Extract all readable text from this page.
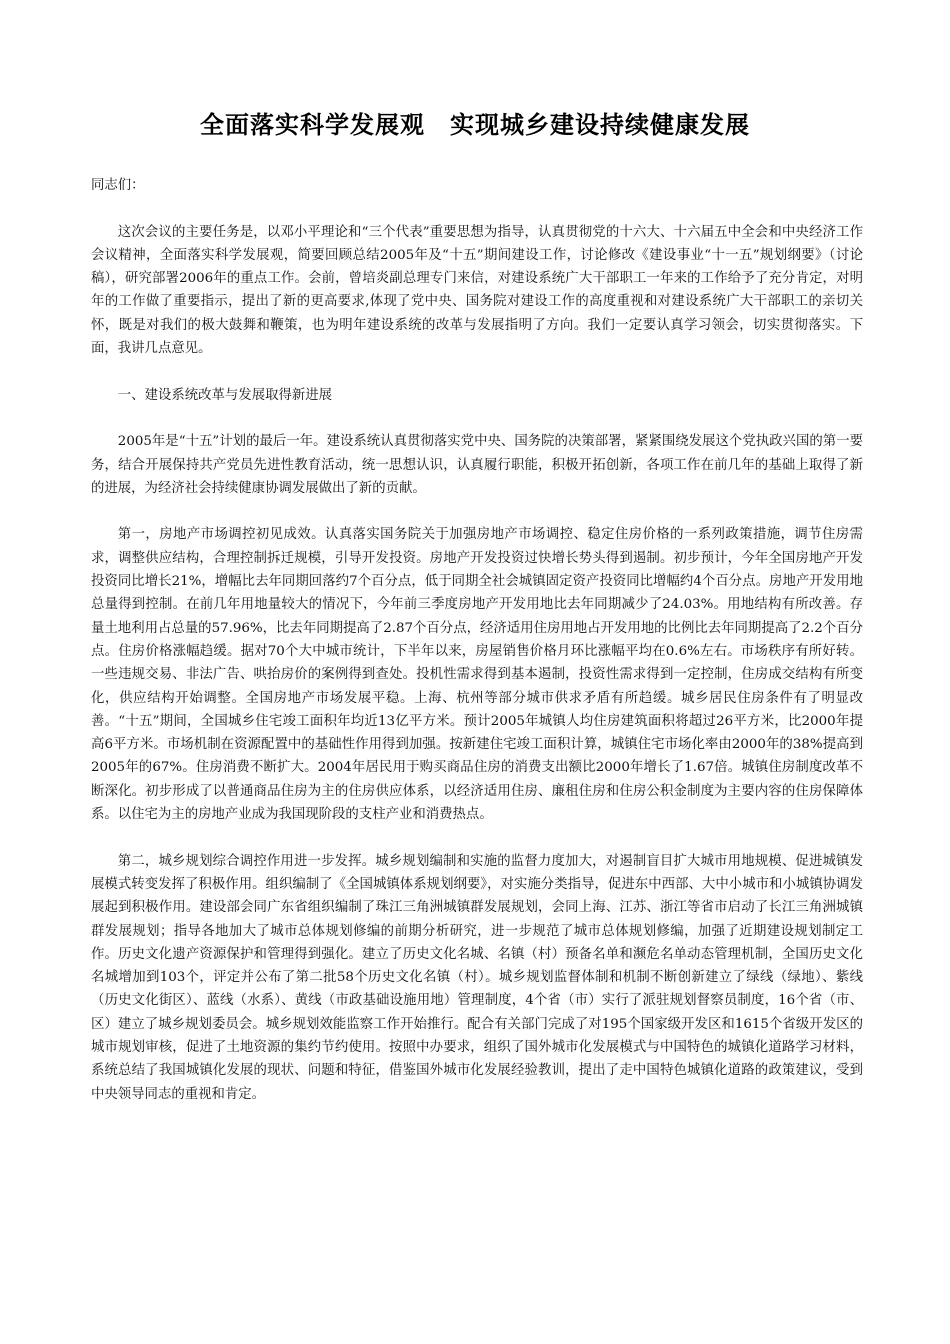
全面落实科学发展观　实现城乡建设持续健康发展

同志们：

这次会议的主要任务是，以邓小平理论和“三个代表”重要思想为指导，认真贯彻党的十六大、十六届五中全会和中央经济工作会议精神，全面落实科学发展观，简要回顾总结2005年及“十五”期间建设工作，讨论修改《建设事业“十一五”规划纲要》（讨论稿），研究部署2006年的重点工作。会前，曾培炎副总理专门来信，对建设系统广大干部职工一年来的工作给予了充分肯定，对明年的工作做了重要指示，提出了新的更高要求,体现了党中央、国务院对建设工作的高度重视和对建设系统广大干部职工的亲切关怀，既是对我们的极大鼓舞和鞭策，也为明年建设系统的改革与发展指明了方向。我们一定要认真学习领会，切实贯彻落实。下面，我讲几点意见。

一、建设系统改革与发展取得新进展

2005年是“十五”计划的最后一年。建设系统认真贯彻落实党中央、国务院的决策部署，紧紧围绕发展这个党执政兴国的第一要务，结合开展保持共产党员先进性教育活动，统一思想认识，认真履行职能，积极开拓创新，各项工作在前几年的基础上取得了新的进展，为经济社会持续健康协调发展做出了新的贡献。

第一，房地产市场调控初见成效。认真落实国务院关于加强房地产市场调控、稳定住房价格的一系列政策措施，调节住房需求，调整供应结构，合理控制拆迁规模，引导开发投资。房地产开发投资过快增长势头得到遏制。初步预计，今年全国房地产开发投资同比增长21%，增幅比去年同期回落约7个百分点，低于同期全社会城镇固定资产投资同比增幅约4个百分点。房地产开发用地总量得到控制。在前几年用地量较大的情况下，今年前三季度房地产开发用地比去年同期减少了24.03%。用地结构有所改善。存量土地利用占总量的57.96%，比去年同期提高了2.87个百分点，经济适用住房用地占开发用地的比例比去年同期提高了2.2个百分点。住房价格涨幅趋缓。据对70个大中城市统计，下半年以来，房屋销售价格月环比涨幅平均在0.6%左右。市场秩序有所好转。一些违规交易、非法广告、哄抬房价的案例得到查处。投机性需求得到基本遏制，投资性需求得到一定控制，住房成交结构有所变化，供应结构开始调整。全国房地产市场发展平稳。上海、杭州等部分城市供求矛盾有所趋缓。城乡居民住房条件有了明显改善。“十五”期间，全国城乡住宅竣工面积年均近13亿平方米。预计2005年城镇人均住房建筑面积将超过26平方米，比2000年提高6平方米。市场机制在资源配置中的基础性作用得到加强。按新建住宅竣工面积计算，城镇住宅市场化率由2000年的38%提高到2005年的67%。住房消费不断扩大。2004年居民用于购买商品住房的消费支出额比2000年增长了1.67倍。城镇住房制度改革不断深化。初步形成了以普通商品住房为主的住房供应体系，以经济适用住房、廉租住房和住房公积金制度为主要内容的住房保障体系。以住宅为主的房地产业成为我国现阶段的支柱产业和消费热点。

第二，城乡规划综合调控作用进一步发挥。城乡规划编制和实施的监督力度加大，对遏制盲目扩大城市用地规模、促进城镇发展模式转变发挥了积极作用。组织编制了《全国城镇体系规划纲要》，对实施分类指导，促进东中西部、大中小城市和小城镇协调发展起到积极作用。建设部会同广东省组织编制了珠江三角洲城镇群发展规划，会同上海、江苏、浙江等省市启动了长江三角洲城镇群发展规划；指导各地加大了城市总体规划修编的前期分析研究，进一步规范了城市总体规划修编，加强了近期建设规划制定工作。历史文化遗产资源保护和管理得到强化。建立了历史文化名城、名镇（村）预备名单和濒危名单动态管理机制，全国历史文化名城增加到103个，评定并公布了第二批58个历史文化名镇（村）。城乡规划监督体制和机制不断创新建立了绿线（绿地）、紫线（历史文化街区）、蓝线（水系）、黄线（市政基础设施用地）管理制度，4个省（市）实行了派驻规划督察员制度，16个省（市、区）建立了城乡规划委员会。城乡规划效能监察工作开始推行。配合有关部门完成了对195个国家级开发区和1615个省级开发区的城市规划审核，促进了土地资源的集约节约使用。按照中办要求，组织了国外城市化发展模式与中国特色的城镇化道路学习材料，系统总结了我国城镇化发展的现状、问题和特征，借鉴国外城市化发展经验教训，提出了走中国特色城镇化道路的政策建议，受到中央领导同志的重视和肯定。
